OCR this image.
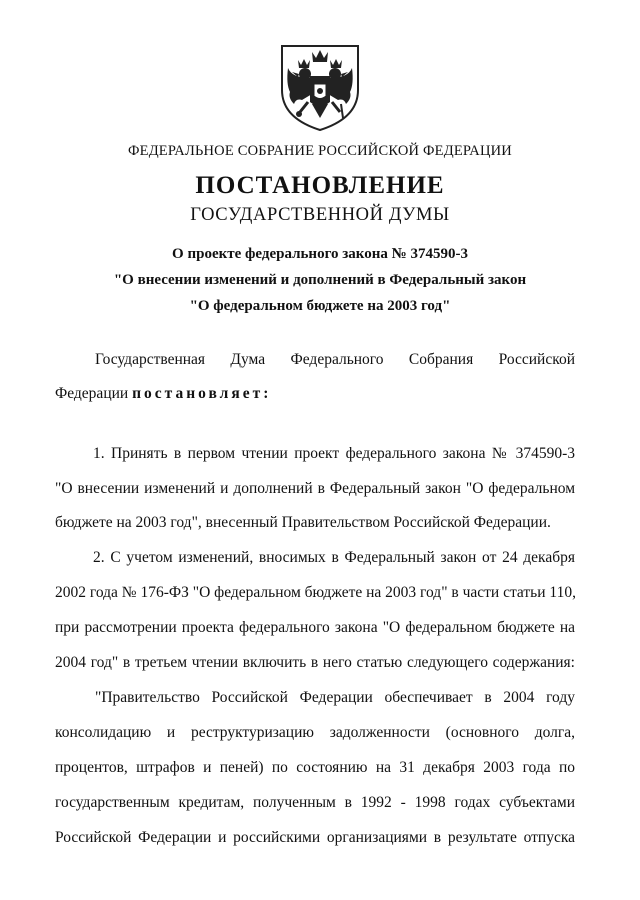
ФЕДЕРАЛЬНОЕ СОБРАНИЕ РОССИЙСКОЙ ФЕДЕРАЦИИ
ПОСТАНОВЛЕНИЕ
ГОСУДАРСТВЕННОЙ ДУМЫ
О проекте федерального закона № 374590-3
"О внесении изменений и дополнений в Федеральный закон
"О федеральном бюджете на 2003 год"
Государственная Дума Федерального Собрания Российской
Федерации постановляет:
1. Принять в первом чтении проект федерального закона № 374590-3
"О внесении изменений и дополнений в Федеральный закон "О федеральном
бюджете на 2003 год", внесенный Правительством Российской Федерации.
2. С учетом изменений, вносимых в Федеральный закон от 24 декабря
2002 года № 176-ФЗ "О федеральном бюджете на 2003 год" в части статьи 110,
при рассмотрении проекта федерального закона "О федеральном бюджете на
2004 год" в третьем чтении включить в него статью следующего содержания:
"Правительство Российской Федерации обеспечивает в 2004 году
консолидацию и реструктуризацию задолженности (основного долга,
процентов, штрафов и пеней) по состоянию на 31 декабря 2003 года по
государственным кредитам, полученным в 1992 - 1998 годах субъектами
Российской Федерации и российскими организациями в результате отпуска
